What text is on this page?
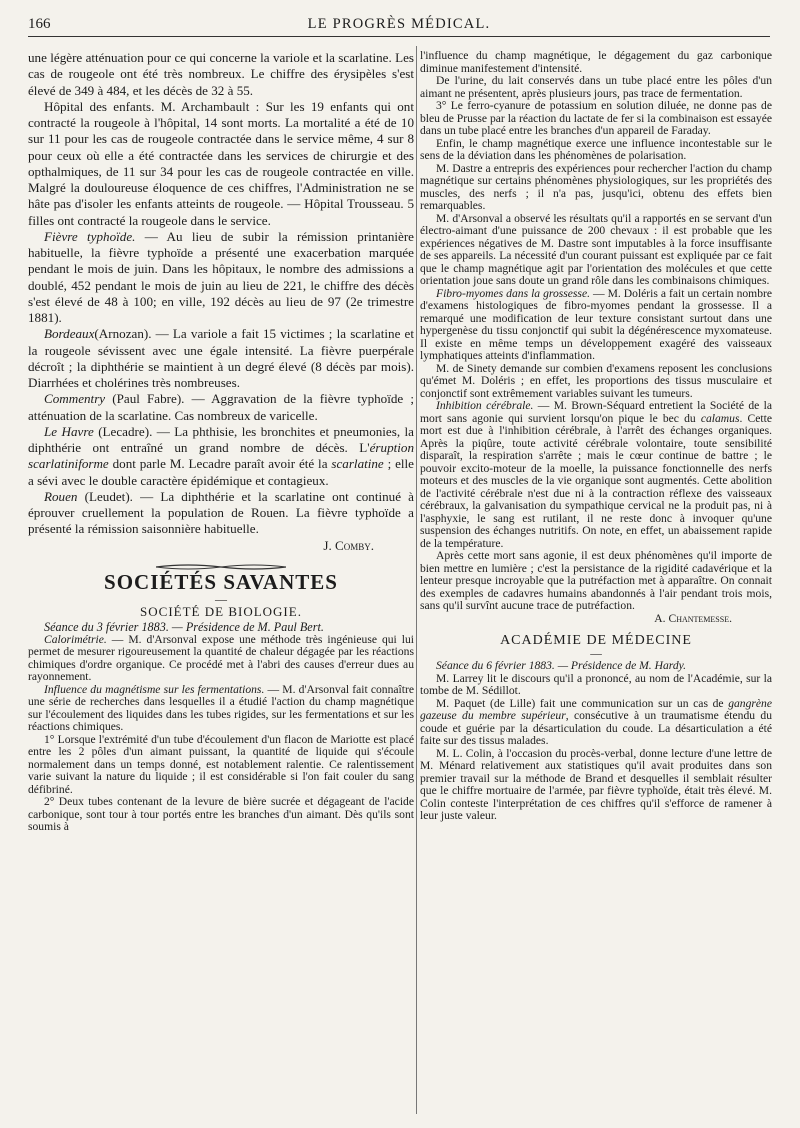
166	LE PROGRÈS MÉDICAL.

une légère atténuation pour ce qui concerne la variole et la scarlatine. Les cas de rougeole ont été très nombreux. Le chiffre des érysipèles s'est élevé de 349 à 484, et les décès de 32 à 55.

Hôpital des enfants. M. Archambault : Sur les 19 enfants qui ont contracté la rougeole à l'hôpital, 14 sont morts. La mortalité a été de 10 sur 11 pour les cas de rougeole contractée dans le service même, 4 sur 8 pour ceux où elle a été contractée dans les services de chirurgie et des opthalmiques, de 11 sur 34 pour les cas de rougeole contractée en ville. Malgré la douloureuse éloquence de ces chiffres, l'Administration ne se hâte pas d'isoler les enfants atteints de rougeole. — Hôpital Trousseau. 5 filles ont contracté la rougeole dans le service.

Fièvre typhoïde. — Au lieu de subir la rémission printanière habituelle, la fièvre typhoïde a présenté une exacerbation marquée pendant le mois de juin. Dans les hôpitaux, le nombre des admissions a doublé, 452 pendant le mois de juin au lieu de 221, le chiffre des décès s'est élevé de 48 à 100; en ville, 192 décès au lieu de 97 (2e trimestre 1881).

Bordeaux(Arnozan). — La variole a fait 15 victimes ; la scarlatine et la rougeole sévissent avec une égale intensité. La fièvre puerpérale décroît ; la diphthérie se maintient à un degré élevé (8 décès par mois). Diarrhées et cholérines très nombreuses.

Commentry (Paul Fabre). — Aggravation de la fièvre typhoïde ; atténuation de la scarlatine. Cas nombreux de varicelle.

Le Havre (Lecadre). — La phthisie, les bronchites et pneumonies, la diphthérie ont entraîné un grand nombre de décès. L'éruption scarlatiniforme dont parle M. Lecadre paraît avoir été la scarlatine ; elle a sévi avec le double caractère épidémique et contagieux.

Rouen (Leudet). — La diphthérie et la scarlatine ont continué à éprouver cruellement la population de Rouen. La fièvre typhoïde a présenté la rémission saisonnière habituelle.

J. Comby.

SOCIÉTÉS SAVANTES

—

SOCIÉTÉ DE BIOLOGIE.

Séance du 3 février 1883. — Présidence de M. Paul Bert.

Calorimétrie. — M. d'Arsonval expose une méthode très ingénieuse qui lui permet de mesurer rigoureusement la quantité de chaleur dégagée par les réactions chimiques d'ordre organique. Ce procédé met à l'abri des causes d'erreur dues au rayonnement.

Influence du magnétisme sur les fermentations. — M. d'Arsonval fait connaître une série de recherches dans lesquelles il a étudié l'action du champ magnétique sur l'écoulement des liquides dans les tubes rigides, sur les fermentations et sur les réactions chimiques.

1° Lorsque l'extrémité d'un tube d'écoulement d'un flacon de Mariotte est placé entre les 2 pôles d'un aimant puissant, la quantité de liquide qui s'écoule normalement dans un temps donné, est notablement ralentie. Ce ralentissement varie suivant la nature du liquide ; il est considérable si l'on fait couler du sang défibriné.

2° Deux tubes contenant de la levure de bière sucrée et dégageant de l'acide carbonique, sont tour à tour portés entre les branches d'un aimant. Dès qu'ils sont soumis à

l'influence du champ magnétique, le dégagement du gaz carbonique diminue manifestement d'intensité.

De l'urine, du lait conservés dans un tube placé entre les pôles d'un aimant ne présentent, après plusieurs jours, pas trace de fermentation.

3° Le ferro-cyanure de potassium en solution diluée, ne donne pas de bleu de Prusse par la réaction du lactate de fer si la combinaison est essayée dans un tube placé entre les branches d'un appareil de Faraday.

Enfin, le champ magnétique exerce une influence incontestable sur le sens de la déviation dans les phénomènes de polarisation.

M. Dastre a entrepris des expériences pour rechercher l'action du champ magnétique sur certains phénomènes physiologiques, sur les propriétés des muscles, des nerfs ; il n'a pas, jusqu'ici, obtenu des effets bien remarquables.

M. d'Arsonval a observé les résultats qu'il a rapportés en se servant d'un électro-aimant d'une puissance de 200 chevaux : il est probable que les expériences négatives de M. Dastre sont imputables à la force insuffisante de ses appareils. La nécessité d'un courant puissant est expliquée par ce fait que le champ magnétique agit par l'orientation des molécules et que cette orientation joue sans doute un grand rôle dans les combinaisons chimiques.

Fibro-myomes dans la grossesse. — M. Doléris a fait un certain nombre d'examens histologiques de fibro-myomes pendant la grossesse. Il a remarqué une modification de leur texture consistant surtout dans une hypergenèse du tissu conjonctif qui subit la dégénérescence myxomateuse. Il existe en même temps un développement exagéré des vaisseaux lymphatiques atteints d'inflammation.

M. de Sinety demande sur combien d'examens reposent les conclusions qu'émet M. Doléris ; en effet, les proportions des tissus musculaire et conjonctif sont extrêmement variables suivant les tumeurs.

Inhibition cérébrale. — M. Brown-Séquard entretient la Société de la mort sans agonie qui survient lorsqu'on pique le bec du calamus. Cette mort est due à l'inhibition cérébrale, à l'arrêt des échanges organiques. Après la piqûre, toute activité cérébrale volontaire, toute sensibilité disparaît, la respiration s'arrête ; mais le cœur continue de battre ; le pouvoir excito-moteur de la moelle, la puissance fonctionnelle des nerfs moteurs et des muscles de la vie organique sont augmentés. Cette abolition de l'activité cérébrale n'est due ni à la contraction réflexe des vaisseaux cérébraux, la galvanisation du sympathique cervical ne la produit pas, ni à l'asphyxie, le sang est rutilant, il ne reste donc à invoquer qu'une suspension des échanges nutritifs. On note, en effet, un abaissement rapide de la température.

Après cette mort sans agonie, il est deux phénomènes qu'il importe de bien mettre en lumière ; c'est la persistance de la rigidité cadavérique et la lenteur presque incroyable que la putréfaction met à apparaître. On connait des exemples de cadavres humains abandonnés à l'air pendant trois mois, sans qu'il survînt aucune trace de putréfaction.

A. Chantemesse.

ACADÉMIE DE MÉDECINE

—

Séance du 6 février 1883. — Présidence de M. Hardy.

M. Larrey lit le discours qu'il a prononcé, au nom de l'Académie, sur la tombe de M. Sédillot.

M. Paquet (de Lille) fait une communication sur un cas de gangrène gazeuse du membre supérieur, consécutive à un traumatisme étendu du coude et guérie par la désarticulation du coude. La désarticulation a été faite sur des tissus malades.

M. L. Colin, à l'occasion du procès-verbal, donne lecture d'une lettre de M. Ménard relativement aux statistiques qu'il avait produites dans son premier travail sur la méthode de Brand et desquelles il semblait résulter que le chiffre mortuaire de l'armée, par fièvre typhoïde, était très élevé. M. Colin conteste l'interprétation de ces chiffres qu'il s'efforce de ramener à leur juste valeur.
